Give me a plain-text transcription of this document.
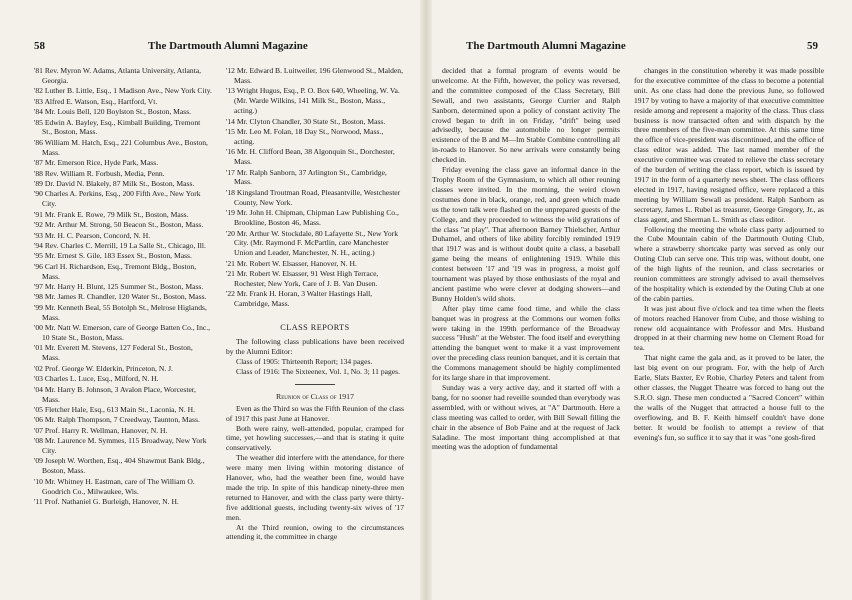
58	The Dartmouth Alumni Magazine

'81 Rev. Myron W. Adams, Atlanta University, Atlanta, Georgia.

'82 Luther B. Little, Esq., 1 Madison Ave., New York City.

'83 Alfred E. Watson, Esq., Hartford, Vt.

'84 Mr. Louis Bell, 120 Boylston St., Boston, Mass.

'85 Edwin A. Bayley, Esq., Kimball Building, Tremont St., Boston, Mass.

'86 William M. Hatch, Esq., 221 Columbus Ave., Boston, Mass.

'87 Mr. Emerson Rice, Hyde Park, Mass.

'88 Rev. William R. Forbush, Media, Penn.

'89 Dr. David N. Blakely, 87 Milk St., Boston, Mass.

'90 Charles A. Perkins, Esq., 200 Fifth Ave., New York City.

'91 Mr. Frank E. Rowe, 79 Milk St., Boston, Mass.

'92 Mr. Arthur M. Strong, 50 Beacon St., Boston, Mass.

'93 Mr. H. C. Pearson, Concord, N. H.

'94 Rev. Charles C. Merrill, 19 La Salle St., Chicago, Ill.

'95 Mr. Ernest S. Gile, 183 Essex St., Boston, Mass.

'96 Carl H. Richardson, Esq., Tremont Bldg., Boston, Mass.

'97 Mr. Harry H. Blunt, 125 Summer St., Boston, Mass.

'98 Mr. James R. Chandler, 120 Water St., Boston, Mass.

'99 Mr. Kenneth Beal, 55 Botolph St., Melrose Higlands, Mass.

'00 Mr. Natt W. Emerson, care of George Batten Co., Inc., 10 State St., Boston, Mass.

'01 Mr. Everett M. Stevens, 127 Federal St., Boston, Mass.

'02 Prof. George W. Elderkin, Princeton, N. J.

'03 Charles L. Luce, Esq., Milford, N. H.

'04 Mr. Harry B. Johnson, 3 Avalon Place, Worcester, Mass.

'05 Fletcher Hale, Esq., 613 Main St., Laconia, N. H.

'06 Mr. Ralph Thompson, 7 Creedway, Taunton, Mass.

'07 Prof. Harry R. Wellman, Hanover, N. H.

'08 Mr. Laurence M. Symmes, 115 Broadway, New York City.

'09 Joseph W. Worthen, Esq., 404 Shawmut Bank Bldg., Boston, Mass.

'10 Mr. Whitney H. Eastman, care of The William O. Goodrich Co., Milwaukee, Wis.

'11 Prof. Nathaniel G. Burleigh, Hanover, N. H.

'12 Mr. Edward B. Luitweiler, 196 Glenwood St., Malden, Mass.

'13 Wright Hugus, Esq., P. O. Box 640, Wheeling, W. Va. (Mr. Warde Wilkins, 141 Milk St., Boston, Mass., acting.)

'14 Mr. Clyton Chandler, 30 State St., Boston, Mass.

'15 Mr. Leo M. Folan, 18 Day St., Norwood, Mass., acting.

'16 Mr. H. Clifford Bean, 38 Algonquin St., Dorchester, Mass.

'17 Mr. Ralph Sanborn, 37 Arlington St., Cambridge, Mass.

'18 Kingsland Troutman Road, Pleasantville, Westchester County, New York.

'19 Mr. John H. Chipman, Chipman Law Publishing Co., Brookline, Boston 46, Mass.

'20 Mr. Arthur W. Stockdale, 80 Lafayette St., New York City. (Mr. Raymond F. McPartlin, care Manchester Union and Leader, Manchester, N. H., acting.)

'21 Mr. Robert W. Elsasser, Hanover, N. H.

'21 Mr. Robert W. Elsasser, 91 West High Terrace, Rochester, New York, Care of J. B. Van Dusen.

'22 Mr. Frank H. Horan, 3 Walter Hastings Hall, Cambridge, Mass.

CLASS REPORTS

The following class publications have been received by the Alumni Editor:

Class of 1905: Thirteenth Report; 134 pages.

Class of 1916: The Sixteenex, Vol. 1, No. 3; 11 pages.

Reunion of Class of 1917

Even as the Third so was the Fifth Reunion of the class of 1917 this past June at Hanover.

Both were rainy, well-attended, popular, cramped for time, yet howling successes,—and that is stating it quite conservatively.

The weather did interfere with the attendance, for there were many men living within motoring distance of Hanover, who, had the weather been fine, would have made the trip. In spite of this handicap ninety-three men returned to Hanover, and with the class party were thirty-five additional guests, including twenty-six wives of '17 men.

At the Third reunion, owing to the circumstances attending it, the committee in charge

The Dartmouth Alumni Magazine	59

decided that a formal program of events would be unwelcome. At the Fifth, however, the policy was reversed, and the committee composed of the Class Secretary, Bill Sewall, and two assistants, George Currier and Ralph Sanborn, determined upon a policy of constant activity The crowd began to drift in on Friday, "drift" being used advisedly, because the automobile no longer permits existence of the B and M—Im Stable Combine controlling all in-roads to Hanover. So new arrivals were constantly being checked in.

Friday evening the class gave an informal dance in the Trophy Room of the Gymnasium, to which all other reuning classes were invited. In the morning, the weird clown costumes done in black, orange, red, and green which made us the town talk were flashed on the unprepared guests of the College, and they proceeded to witness the wild gyrations of the class "at play". That afternoon Barney Thielscher, Arthur Duhamel, and others of like ability forcibly reminded 1919 that 1917 was and is without doubt quite a class, a baseball game being the means of enlightening 1919. While this contest between '17 and '19 was in progress, a moist golf tournament was played by those enthusiasts of the royal and ancient pastime who were clever at dodging showers—and Bunny Holden's wild shots.

After play time came food time, and while the class banquet was in progress at the Commons our women folks were taking in the 199th performance of the Broadway success "Hush" at the Webster. The food itself and everything attending the banquet went to make it a vast improvement over the preceding class reunion banquet, and it is certain that the Commons management should be highly complimented for its large share in that improvement.

Sunday was a very active day, and it started off with a bang, for no sooner had reveille sounded than everybody was assembled, with or without wives, at "A" Dartmouth. Here a class meeting was called to order, with Bill Sewall filling the chair in the absence of Bob Paine and at the request of Jack Saladine. The most important thing accomplished at that meeting was the adoption of fundamental

changes in the constitution whereby it was made possible for the executive committee of the class to become a potential unit. As one class had done the previous June, so followed 1917 by voting to have a majority of that executive committee reside among and represent a majority of the class. Thus class business is now transacted often and with dispatch by the three members of the five-man committee. At this same time the office of vice-president was discontinued, and the office of class editor was added. The last named member of the executive committee was created to relieve the class secretary of the burden of writing the class report, which is issued by 1917 in the form of a quarterly news sheet. The class officers elected in 1917, having resigned office, were replaced a this meeting by William Sewall as president. Ralph Sanborn as secretary, James L. Rubel as treasurer, George Gregory, Jr., as class agent, and Sherman L. Smith as class editor.

Following the meeting the whole class party adjourned to the Cube Mountain cabin of the Dartmouth Outing Club, where a strawberry shortcake party was served as only our Outing Club can serve one. This trip was, without doubt, one of the high lights of the reunion, and class secretaries or reunion committees are strongly advised to avail themselves of the hospitality which is extended by the Outing Club at one of the cabin parties.

It was just about five o'clock and tea time when the fleets of motors reached Hanover from Cube, and those wishing to renew old acquaintance with Professor and Mrs. Husband dropped in at their charming new home on Clement Road for tea.

That night came the gala and, as it proved to be later, the last big event on our program. For, with the help of Arch Earle, Slats Baxter, Ev Robie, Charley Peters and talent from other classes, the Nugget Theatre was forced to hang out the S.R.O. sign. These men conducted a "Sacred Concert" within the walls of the Nugget that attracted a house full to the overflowing, and B. F. Keith himself couldn't have done better. It would be foolish to attempt a review of that evening's fun, so suffice it to say that it was "one gosh-fired
